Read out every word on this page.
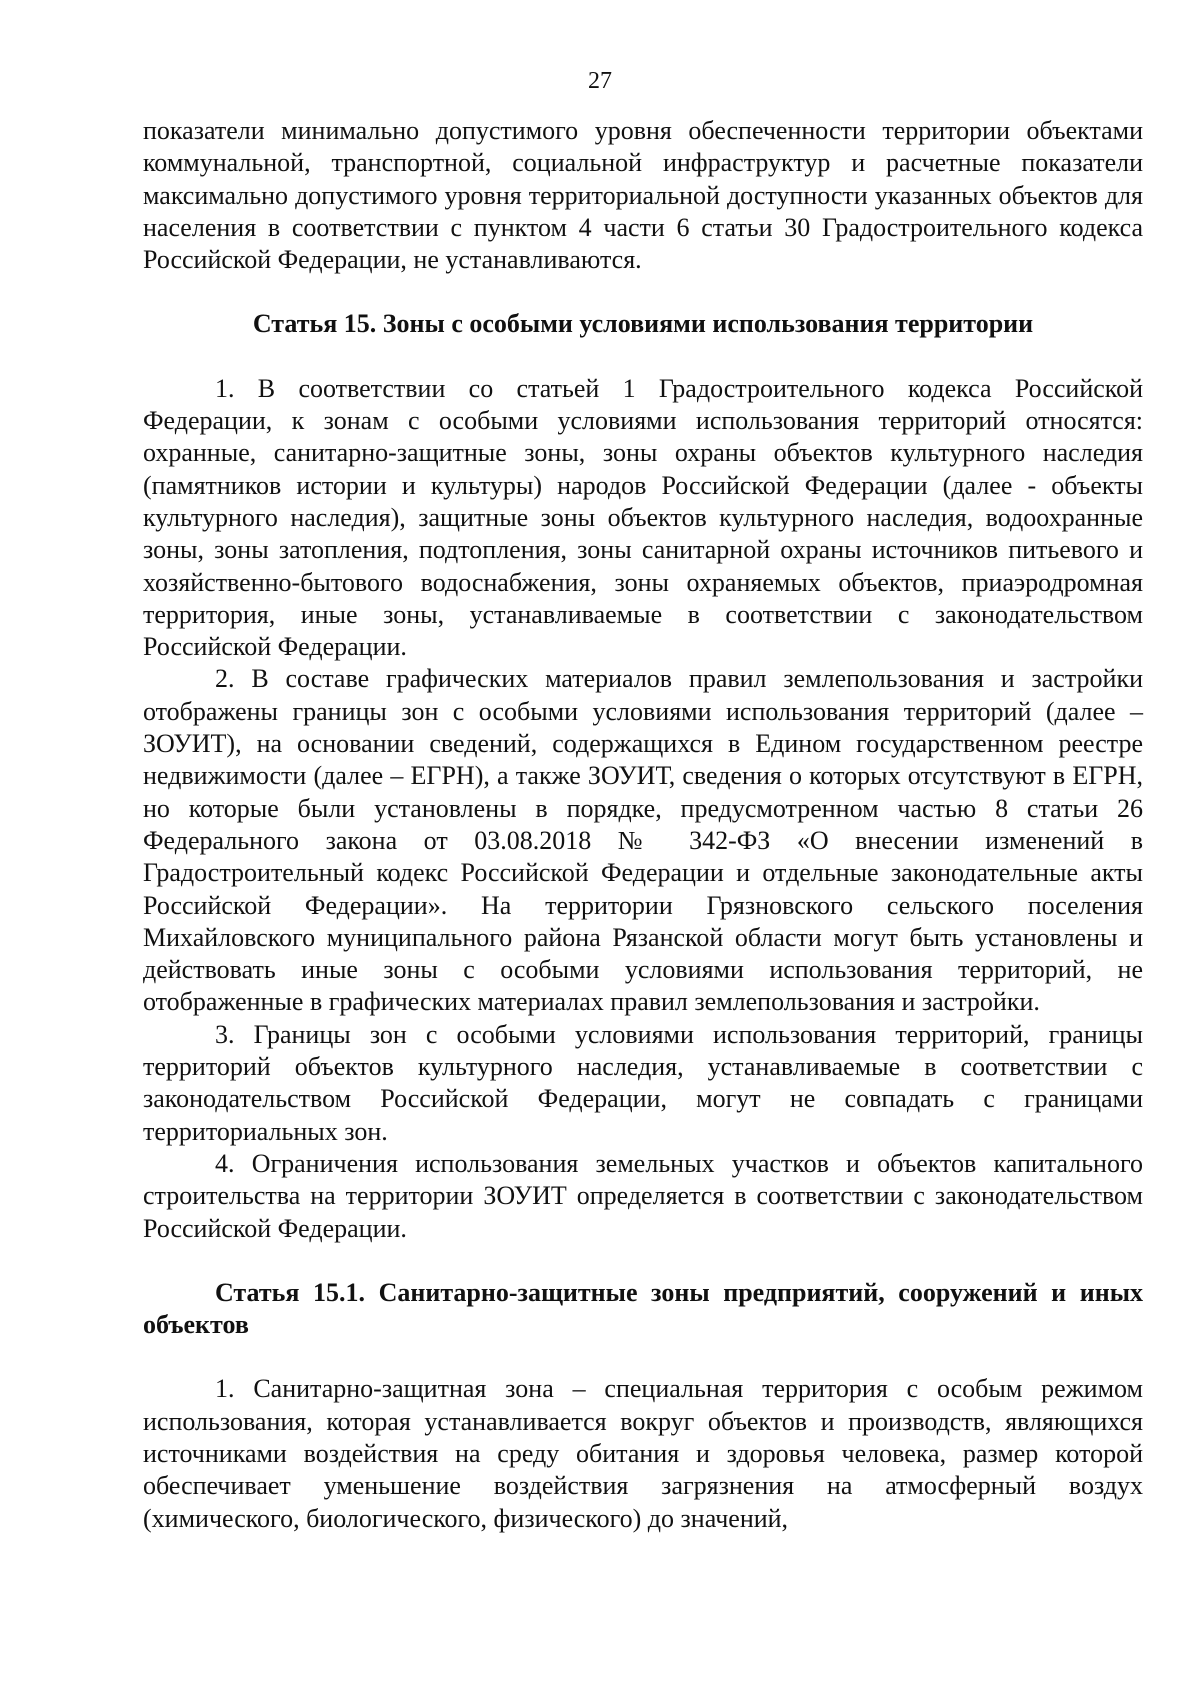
27

показатели минимально допустимого уровня обеспеченности территории объектами коммунальной, транспортной, социальной инфраструктур и расчетные показатели максимально допустимого уровня территориальной доступности указанных объектов для населения в соответствии с пунктом 4 части 6 статьи 30 Градостроительного кодекса Российской Федерации, не устанавливаются.

Статья 15. Зоны с особыми условиями использования территории

1. В соответствии со статьей 1 Градостроительного кодекса Российской Федерации, к зонам с особыми условиями использования территорий относятся: охранные, санитарно-защитные зоны, зоны охраны объектов культурного наследия (памятников истории и культуры) народов Российской Федерации (далее - объекты культурного наследия), защитные зоны объектов культурного наследия, водоохранные зоны, зоны затопления, подтопления, зоны санитарной охраны источников питьевого и хозяйственно-бытового водоснабжения, зоны охраняемых объектов, приаэродромная территория, иные зоны, устанавливаемые в соответствии с законодательством Российской Федерации.

2. В составе графических материалов правил землепользования и застройки отображены границы зон с особыми условиями использования территорий (далее – ЗОУИТ), на основании сведений, содержащихся в Едином государственном реестре недвижимости (далее – ЕГРН), а также ЗОУИТ, сведения о которых отсутствуют в ЕГРН, но которые были установлены в порядке, предусмотренном частью 8 статьи 26 Федерального закона от 03.08.2018 № 342-ФЗ «О внесении изменений в Градостроительный кодекс Российской Федерации и отдельные законодательные акты Российской Федерации». На территории Грязновского сельского поселения Михайловского муниципального района Рязанской области могут быть установлены и действовать иные зоны с особыми условиями использования территорий, не отображенные в графических материалах правил землепользования и застройки.

3. Границы зон с особыми условиями использования территорий, границы территорий объектов культурного наследия, устанавливаемые в соответствии с законодательством Российской Федерации, могут не совпадать с границами территориальных зон.

4. Ограничения использования земельных участков и объектов капитального строительства на территории ЗОУИТ определяется в соответствии с законодательством Российской Федерации.

Статья 15.1. Санитарно-защитные зоны предприятий, сооружений и иных объектов

1. Санитарно-защитная зона – специальная территория с особым режимом использования, которая устанавливается вокруг объектов и производств, являющихся источниками воздействия на среду обитания и здоровья человека, размер которой обеспечивает уменьшение воздействия загрязнения на атмосферный воздух (химического, биологического, физического) до значений,
